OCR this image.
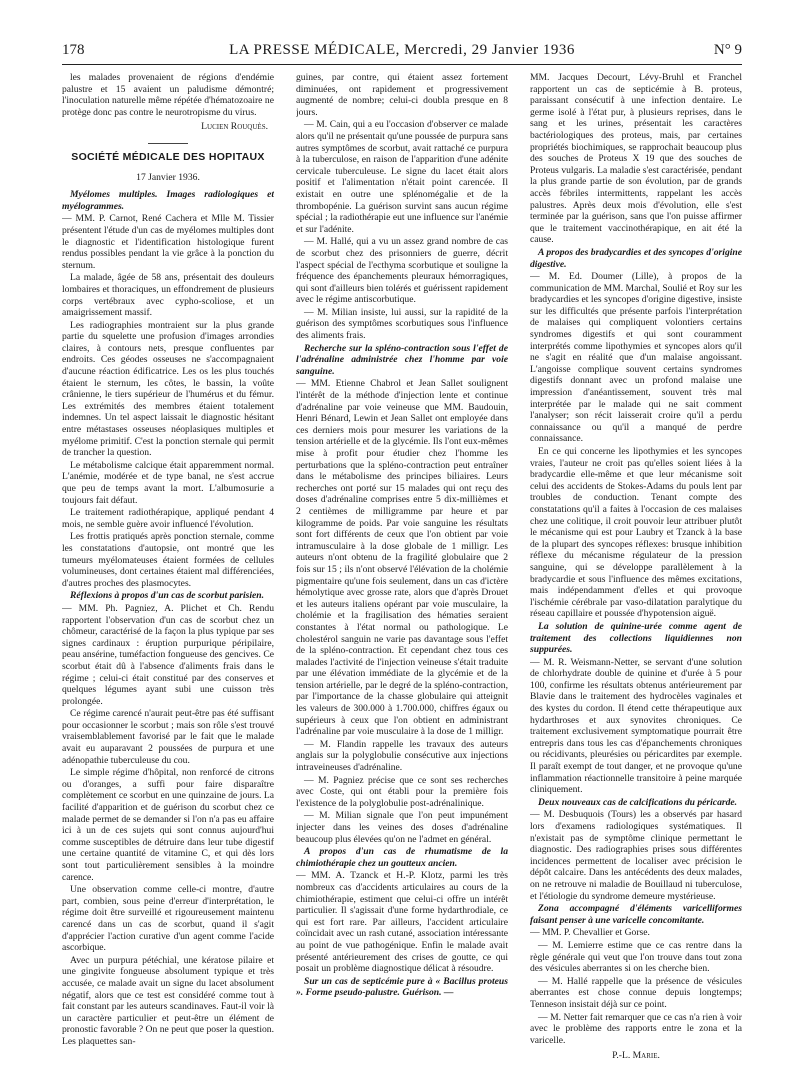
178	LA PRESSE MÉDICALE, Mercredi, 29 Janvier 1936	N° 9

les malades provenaient de régions d'endémie palustre et 15 avaient un paludisme démontré; l'inoculation naturelle même répétée d'hématozoaire ne protège donc pas contre le neurotropisme du virus.

Lucien Rouquès.
SOCIÉTÉ MÉDICALE DES HOPITAUX
17 Janvier 1936.

Myélomes multiples. Images radiologiques et myélogrammes.

— MM. P. Carnot, René Cachera et Mlle M. Tissier présentent l'étude d'un cas de myélomes multiples dont le diagnostic et l'identification histologique furent rendus possibles pendant la vie grâce à la ponction du sternum.

La malade, âgée de 58 ans, présentait des douleurs lombaires et thoraciques, un effondrement de plusieurs corps vertébraux avec cypho-scoliose, et un amaigrissement massif.

Les radiographies montraient sur la plus grande partie du squelette une profusion d'images arrondies claires, à contours nets, presque confluentes par endroits. Ces géodes osseuses ne s'accompagnaient d'aucune réaction édificatrice. Les os les plus touchés étaient le sternum, les côtes, le bassin, la voûte crânienne, le tiers supérieur de l'humérus et du fémur. Les extrémités des membres étaient totalement indemnes. Un tel aspect laissait le diagnostic hésitant entre métastases osseuses néoplasiques multiples et myélome primitif. C'est la ponction sternale qui permit de trancher la question.

Le métabolisme calcique était apparemment normal. L'anémie, modérée et de type banal, ne s'est accrue que peu de temps avant la mort. L'albumosurie a toujours fait défaut.

Le traitement radiothérapique, appliqué pendant 4 mois, ne semble guère avoir influencé l'évolution.

Les frottis pratiqués après ponction sternale, comme les constatations d'autopsie, ont montré que les tumeurs myélomateuses étaient formées de cellules volumineuses, dont certaines étaient mal différenciées, d'autres proches des plasmocytes.

Réflexions à propos d'un cas de scorbut parisien.

— MM. Ph. Pagniez, A. Plichet et Ch. Rendu rapportent l'observation d'un cas de scorbut chez un chômeur, caractérisé de la façon la plus typique par ses signes cardinaux : éruption purpurique péripilaire, peau ansérine, tuméfaction fongueuse des gencives. Ce scorbut était dû à l'absence d'aliments frais dans le régime ; celui-ci était constitué par des conserves et quelques légumes ayant subi une cuisson très prolongée.

Ce régime carencé n'aurait peut-être pas été suffisant pour occasionner le scorbut ; mais son rôle s'est trouvé vraisemblablement favorisé par le fait que le malade avait eu auparavant 2 poussées de purpura et une adénopathie tuberculeuse du cou.

Le simple régime d'hôpital, non renforcé de citrons ou d'oranges, a suffi pour faire disparaître complètement ce scorbut en une quinzaine de jours. La facilité d'apparition et de guérison du scorbut chez ce malade permet de se demander si l'on n'a pas eu affaire ici à un de ces sujets qui sont connus aujourd'hui comme susceptibles de détruire dans leur tube digestif une certaine quantité de vitamine C, et qui dès lors sont tout particulièrement sensibles à la moindre carence.

Une observation comme celle-ci montre, d'autre part, combien, sous peine d'erreur d'interprétation, le régime doit être surveillé et rigoureusement maintenu carencé dans un cas de scorbut, quand il s'agit d'apprécier l'action curative d'un agent comme l'acide ascorbique.

Avec un purpura pétéchial, une kératose pilaire et une gingivite fongueuse absolument typique et très accusée, ce malade avait un signe du lacet absolument négatif, alors que ce test est considéré comme tout à fait constant par les auteurs scandinaves. Faut-il voir là un caractère particulier et peut-être un élément de pronostic favorable ? On ne peut que poser la question. Les plaquettes san-

guines, par contre, qui étaient assez fortement diminuées, ont rapidement et progressivement augmenté de nombre; celui-ci doubla presque en 8 jours.

— M. Cain, qui a eu l'occasion d'observer ce malade alors qu'il ne présentait qu'une poussée de purpura sans autres symptômes de scorbut, avait rattaché ce purpura à la tuberculose, en raison de l'apparition d'une adénite cervicale tuberculeuse. Le signe du lacet était alors positif et l'alimentation n'était point carencée. Il existait en outre une splénomégalie et de la thrombopénie. La guérison survint sans aucun régime spécial ; la radiothérapie eut une influence sur l'anémie et sur l'adénite.

— M. Hallé, qui a vu un assez grand nombre de cas de scorbut chez des prisonniers de guerre, décrit l'aspect spécial de l'ecthyma scorbutique et souligne la fréquence des épanchements pleuraux hémorragiques, qui sont d'ailleurs bien tolérés et guérissent rapidement avec le régime antiscorbutique.

— M. Milian insiste, lui aussi, sur la rapidité de la guérison des symptômes scorbutiques sous l'influence des aliments frais.

Recherche sur la spléno-contraction sous l'effet de l'adrénaline administrée chez l'homme par voie sanguine.

— MM. Etienne Chabrol et Jean Sallet soulignent l'intérêt de la méthode d'injection lente et continue d'adrénaline par voie veineuse que MM. Baudouin, Henri Bénard, Lewin et Jean Sallet ont employée dans ces derniers mois pour mesurer les variations de la tension artérielle et de la glycémie. Ils l'ont eux-mêmes mise à profit pour étudier chez l'homme les perturbations que la spléno-contraction peut entraîner dans le métabolisme des principes biliaires. Leurs recherches ont porté sur 15 malades qui ont reçu des doses d'adrénaline comprises entre 5 dix-millièmes et 2 centièmes de milligramme par heure et par kilogramme de poids. Par voie sanguine les résultats sont fort différents de ceux que l'on obtient par voie intramusculaire à la dose globale de 1 milligr. Les auteurs n'ont obtenu de la fragilité globulaire que 2 fois sur 15 ; ils n'ont observé l'élévation de la cholémie pigmentaire qu'une fois seulement, dans un cas d'ictère hémolytique avec grosse rate, alors que d'après Drouet et les auteurs italiens opérant par voie musculaire, la cholémie et la fragilisation des hématies seraient constantes à l'état normal ou pathologique. Le cholestérol sanguin ne varie pas davantage sous l'effet de la spléno-contraction. Et cependant chez tous ces malades l'activité de l'injection veineuse s'était traduite par une élévation immédiate de la glycémie et de la tension artérielle, par le degré de la spléno-contraction, par l'importance de la chasse globulaire qui atteignit les valeurs de 300.000 à 1.700.000, chiffres égaux ou supérieurs à ceux que l'on obtient en administrant l'adrénaline par voie musculaire à la dose de 1 milligr.

— M. Flandin rappelle les travaux des auteurs anglais sur la polyglobulie consécutive aux injections intraveineuses d'adrénaline.

— M. Pagniez précise que ce sont ses recherches avec Coste, qui ont établi pour la première fois l'existence de la polyglobulie post-adrénalinique.

— M. Milian signale que l'on peut impunément injecter dans les veines des doses d'adrénaline beaucoup plus élevées qu'on ne l'admet en général.

A propos d'un cas de rhumatisme de la chimiothérapie chez un goutteux ancien.

— MM. A. Tzanck et H.-P. Klotz, parmi les très nombreux cas d'accidents articulaires au cours de la chimiothérapie, estiment que celui-ci offre un intérêt particulier. Il s'agissait d'une forme hydarthrodiale, ce qui est fort rare. Par ailleurs, l'accident articulaire coïncidait avec un rash cutané, association intéressante au point de vue pathogénique. Enfin le malade avait présenté antérieurement des crises de goutte, ce qui posait un problème diagnostique délicat à résoudre.

Sur un cas de septicémie pure à « Bacillus proteus ». Forme pseudo-palustre. Guérison. —

MM. Jacques Decourt, Lévy-Bruhl et Franchel rapportent un cas de septicémie à B. proteus, paraissant consécutif à une infection dentaire. Le germe isolé à l'état pur, à plusieurs reprises, dans le sang et les urines, présentait les caractères bactériologiques des proteus, mais, par certaines propriétés biochimiques, se rapprochait beaucoup plus des souches de Proteus X 19 que des souches de Proteus vulgaris. La maladie s'est caractérisée, pendant la plus grande partie de son évolution, par de grands accès fébriles intermittents, rappelant les accès palustres. Après deux mois d'évolution, elle s'est terminée par la guérison, sans que l'on puisse affirmer que le traitement vaccinothérapique, en ait été la cause.

A propos des bradycardies et des syncopes d'origine digestive.

— M. Ed. Doumer (Lille), à propos de la communication de MM. Marchal, Soulié et Roy sur les bradycardies et les syncopes d'origine digestive, insiste sur les difficultés que présente parfois l'interprétation de malaises qui compliquent volontiers certains syndromes digestifs et qui sont couramment interprétés comme lipothymies et syncopes alors qu'il ne s'agit en réalité que d'un malaise angoissant. L'angoisse complique souvent certains syndromes digestifs donnant avec un profond malaise une impression d'anéantissement, souvent très mal interprétée par le malade qui ne sait comment l'analyser; son récit laisserait croire qu'il a perdu connaissance ou qu'il a manqué de perdre connaissance.

En ce qui concerne les lipothymies et les syncopes vraies, l'auteur ne croit pas qu'elles soient liées à la bradycardie elle-même et que leur mécanisme soit celui des accidents de Stokes-Adams du pouls lent par troubles de conduction. Tenant compte des constatations qu'il a faites à l'occasion de ces malaises chez une colitique, il croit pouvoir leur attribuer plutôt le mécanisme qui est pour Laubry et Tzanck à la base de la plupart des syncopes réflexes: brusque inhibition réflexe du mécanisme régulateur de la pression sanguine, qui se développe parallèlement à la bradycardie et sous l'influence des mêmes excitations, mais indépendamment d'elles et qui provoque l'ischémie cérébrale par vaso-dilatation paralytique du réseau capillaire et poussée d'hypotension aiguë.

La solution de quinine-urée comme agent de traitement des collections liquidiennes non suppurées.

— M. R. Weismann-Netter, se servant d'une solution de chlorhydrate double de quinine et d'urée à 5 pour 100, confirme les résultats obtenus antérieurement par Blavie dans le traitement des hydrocèles vaginales et des kystes du cordon. Il étend cette thérapeutique aux hydarthroses et aux synovites chroniques. Ce traitement exclusivement symptomatique pourrait être entrepris dans tous les cas d'épanchements chroniques ou récidivants, pleurésies ou péricardites par exemple. Il paraît exempt de tout danger, et ne provoque qu'une inflammation réactionnelle transitoire à peine marquée cliniquement.

Deux nouveaux cas de calcifications du péricarde.

— M. Desbuquois (Tours) les a observés par hasard lors d'examens radiologiques systématiques. Il n'existait pas de symptôme clinique permettant le diagnostic. Des radiographies prises sous différentes incidences permettent de localiser avec précision le dépôt calcaire. Dans les antécédents des deux malades, on ne retrouve ni maladie de Bouillaud ni tuberculose, et l'étiologie du syndrome demeure mystérieuse.

Zona accompagné d'éléments varicelliformes faisant penser à une varicelle concomitante.

— MM. P. Chevallier et Gorse.

— M. Lemierre estime que ce cas rentre dans la règle générale qui veut que l'on trouve dans tout zona des vésicules aberrantes si on les cherche bien.

— M. Hallé rappelle que la présence de vésicules aberrantes est chose connue depuis longtemps; Tenneson insistait déjà sur ce point.

— M. Netter fait remarquer que ce cas n'a rien à voir avec le problème des rapports entre le zona et la varicelle.

P.-L. Marie.
